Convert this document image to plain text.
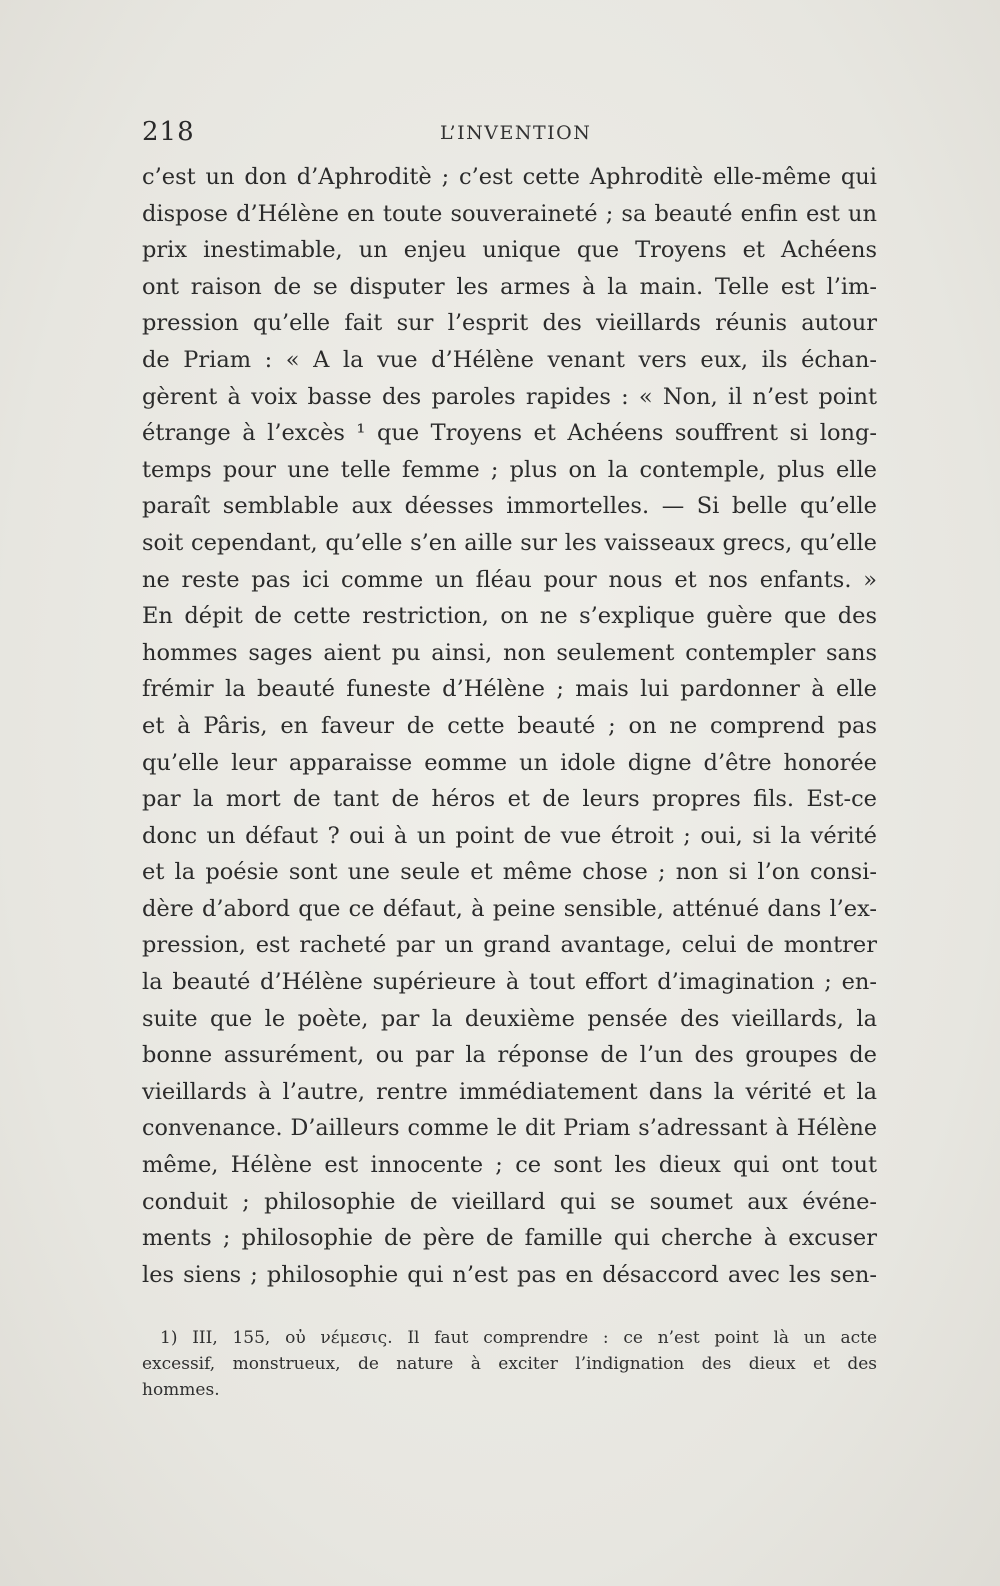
218	L’INVENTION
c’est un don d’Aphroditè ; c’est cette Aphroditè elle-même qui
dispose d’Hélène en toute souveraineté ; sa beauté enfin est un
prix inestimable, un enjeu unique que Troyens et Achéens
ont raison de se disputer les armes à la main. Telle est l’im-
pression qu’elle fait sur l’esprit des vieillards réunis autour
de Priam : « A la vue d’Hélène venant vers eux, ils échan-
gèrent à voix basse des paroles rapides : « Non, il n’est point
étrange à l’excès ¹ que Troyens et Achéens souffrent si long-
temps pour une telle femme ; plus on la contemple, plus elle
paraît semblable aux déesses immortelles. — Si belle qu’elle
soit cependant, qu’elle s’en aille sur les vaisseaux grecs, qu’elle
ne reste pas ici comme un fléau pour nous et nos enfants. »
En dépit de cette restriction, on ne s’explique guère que des
hommes sages aient pu ainsi, non seulement contempler sans
frémir la beauté funeste d’Hélène ; mais lui pardonner à elle
et à Pâris, en faveur de cette beauté ; on ne comprend pas
qu’elle leur apparaisse eomme un idole digne d’être honorée
par la mort de tant de héros et de leurs propres fils. Est-ce
donc un défaut ? oui à un point de vue étroit ; oui, si la vérité
et la poésie sont une seule et même chose ; non si l’on consi-
dère d’abord que ce défaut, à peine sensible, atténué dans l’ex-
pression, est racheté par un grand avantage, celui de montrer
la beauté d’Hélène supérieure à tout effort d’imagination ; en-
suite que le poète, par la deuxième pensée des vieillards, la
bonne assurément, ou par la réponse de l’un des groupes de
vieillards à l’autre, rentre immédiatement dans la vérité et la
convenance. D’ailleurs comme le dit Priam s’adressant à Hélène
même, Hélène est innocente ; ce sont les dieux qui ont tout
conduit ; philosophie de vieillard qui se soumet aux événe-
ments ; philosophie de père de famille qui cherche à excuser
les siens ; philosophie qui n’est pas en désaccord avec les sen-
1) III, 155, οὐ νέμεσις. Il faut comprendre : ce n’est point là un acte
excessif, monstrueux, de nature à exciter l’indignation des dieux et des
hommes.
